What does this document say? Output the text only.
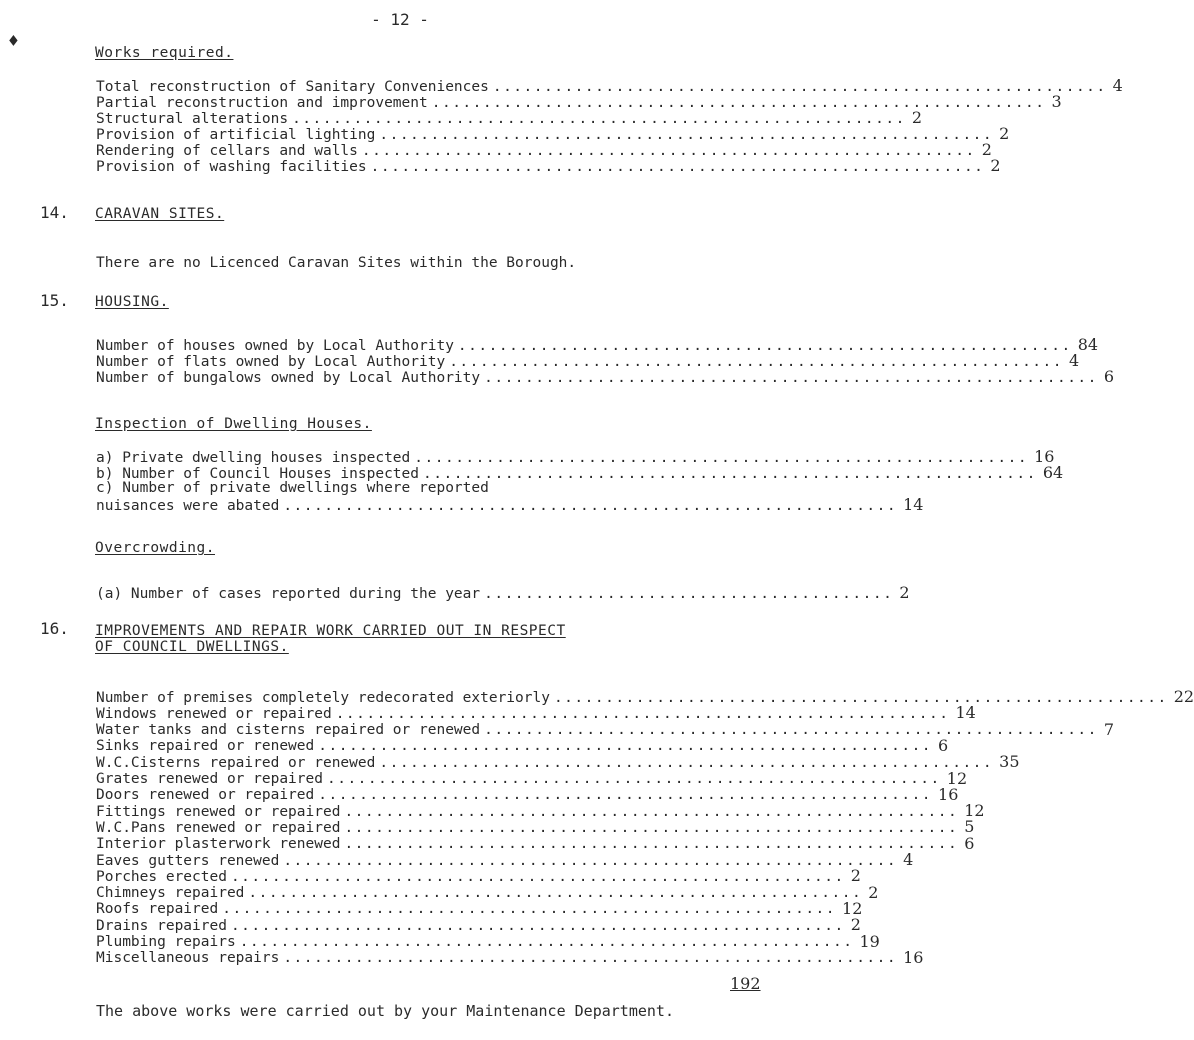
- 12 -
♦
Works required.
Total reconstruction of Sanitary Conveniences ............................................................ 4
Partial reconstruction and improvement ............................................................ 3
Structural alterations ............................................................ 2
Provision of artificial lighting ............................................................ 2
Rendering of cellars and walls ............................................................ 2
Provision of washing facilities ............................................................ 2
14. CARAVAN SITES.
There are no Licenced Caravan Sites within the Borough.
15. HOUSING.
Number of houses owned by Local Authority ............................................................ 84
Number of flats owned by Local Authority ............................................................ 4
Number of bungalows owned by Local Authority ............................................................ 6
Inspection of Dwelling Houses.
a) Private dwelling houses inspected ............................................................ 16
b) Number of Council Houses inspected ............................................................ 64
c) Number of private dwellings where reported
nuisances were abated ............................................................ 14
Overcrowding.
(a) Number of cases reported during the year ........................................ 2
16. IMPROVEMENTS AND REPAIR WORK CARRIED OUT IN RESPECT
OF COUNCIL DWELLINGS.
Number of premises completely redecorated exteriorly ............................................................ 22
Windows renewed or repaired ............................................................ 14
Water tanks and cisterns repaired or renewed ............................................................ 7
Sinks repaired or renewed ............................................................ 6
W.C.Cisterns repaired or renewed ............................................................ 35
Grates renewed or repaired ............................................................ 12
Doors renewed or repaired ............................................................ 16
Fittings renewed or repaired ............................................................ 12
W.C.Pans renewed or repaired ............................................................ 5
Interior plasterwork renewed ............................................................ 6
Eaves gutters renewed ............................................................ 4
Porches erected ............................................................ 2
Chimneys repaired ............................................................ 2
Roofs repaired ............................................................ 12
Drains repaired ............................................................ 2
Plumbing repairs ............................................................ 19
Miscellaneous repairs ............................................................ 16
The above works were carried out by your Maintenance Department.
192
